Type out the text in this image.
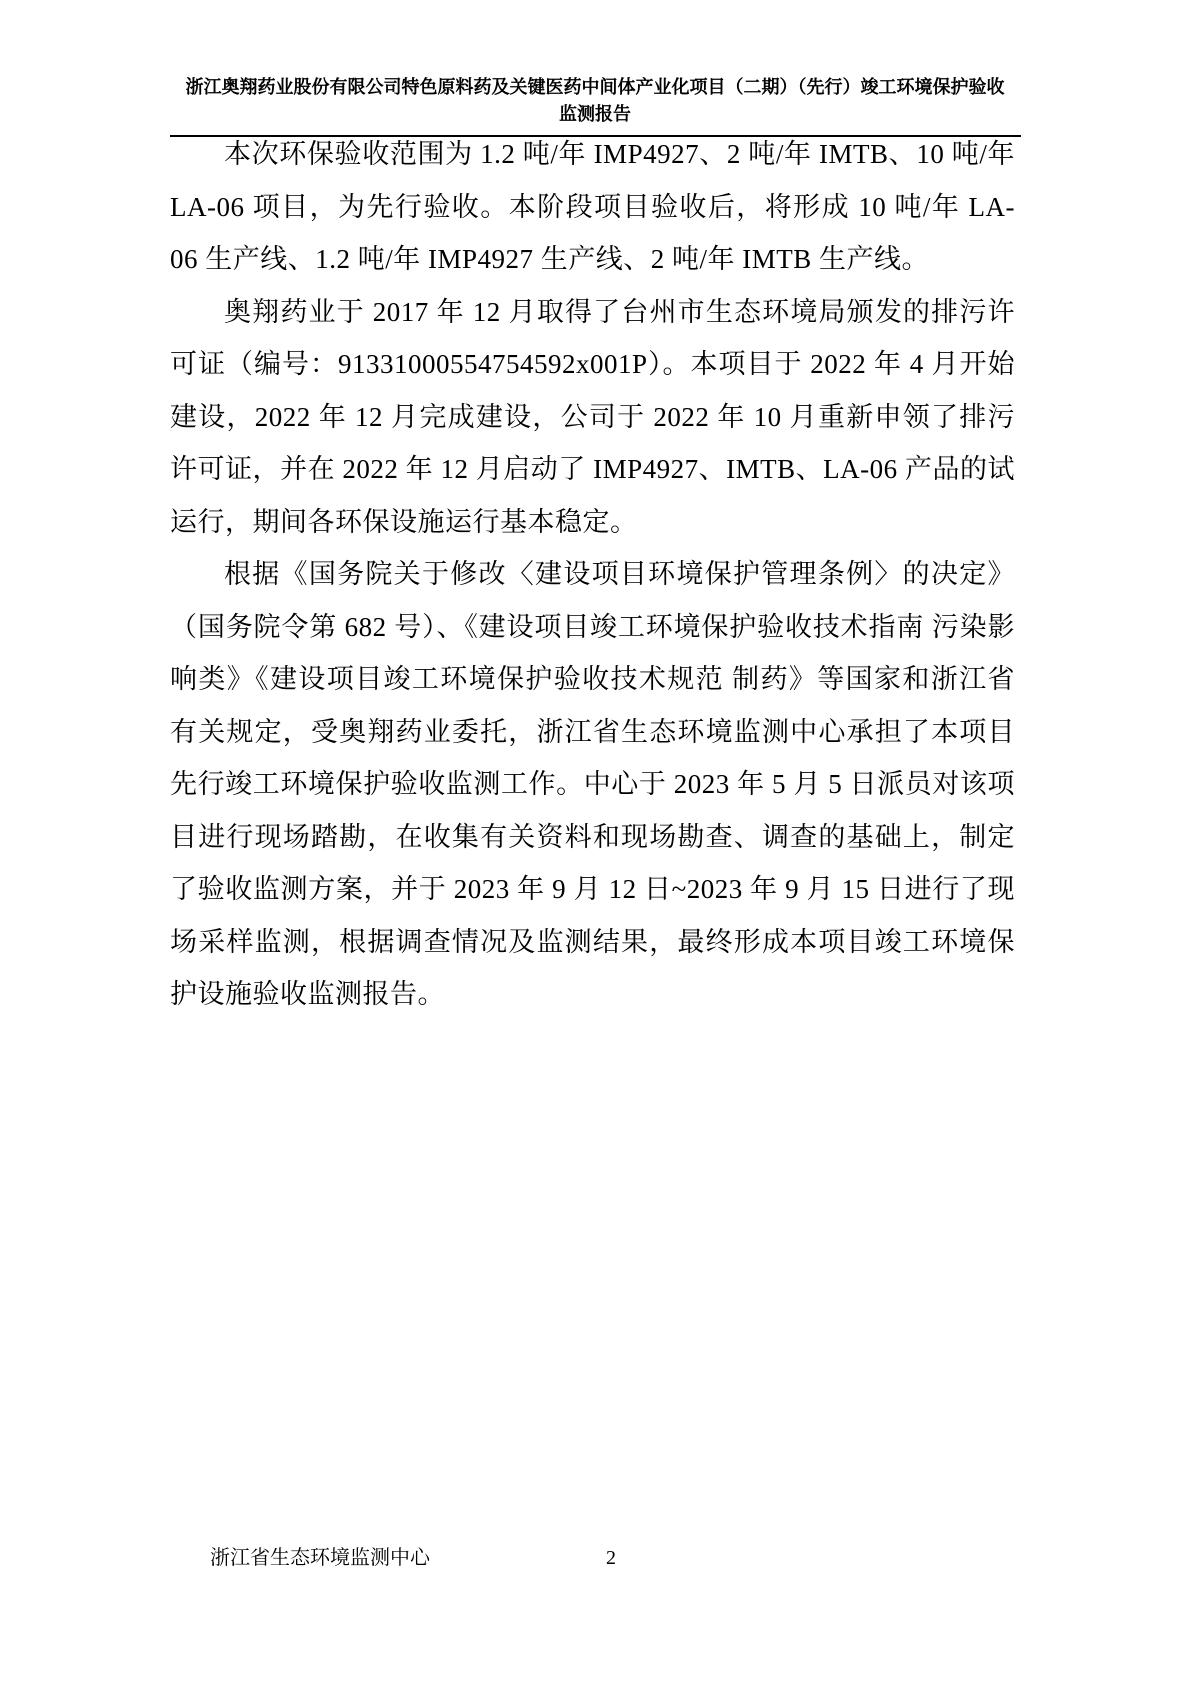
浙江奥翔药业股份有限公司特色原料药及关键医药中间体产业化项目（二期）（先行）竣工环境保护验收
监测报告

本次环保验收范围为 1.2 吨/年 IMP4927、2 吨/年 IMTB、10 吨/年 LA-06 项目，为先行验收。本阶段项目验收后，将形成 10 吨/年 LA-06 生产线、1.2 吨/年 IMP4927 生产线、2 吨/年 IMTB 生产线。

奥翔药业于 2017 年 12 月取得了台州市生态环境局颁发的排污许可证（编号：91331000554754592x001P）。本项目于 2022 年 4 月开始建设，2022 年 12 月完成建设，公司于 2022 年 10 月重新申领了排污许可证，并在 2022 年 12 月启动了 IMP4927、IMTB、LA-06 产品的试运行，期间各环保设施运行基本稳定。

根据《国务院关于修改〈建设项目环境保护管理条例〉的决定》（国务院令第 682 号）、《建设项目竣工环境保护验收技术指南 污染影响类》《建设项目竣工环境保护验收技术规范 制药》等国家和浙江省有关规定，受奥翔药业委托，浙江省生态环境监测中心承担了本项目先行竣工环境保护验收监测工作。中心于 2023 年 5 月 5 日派员对该项目进行现场踏勘，在收集有关资料和现场勘查、调查的基础上，制定了验收监测方案，并于 2023 年 9 月 12 日~2023 年 9 月 15 日进行了现场采样监测，根据调查情况及监测结果，最终形成本项目竣工环境保护设施验收监测报告。

浙江省生态环境监测中心	2
